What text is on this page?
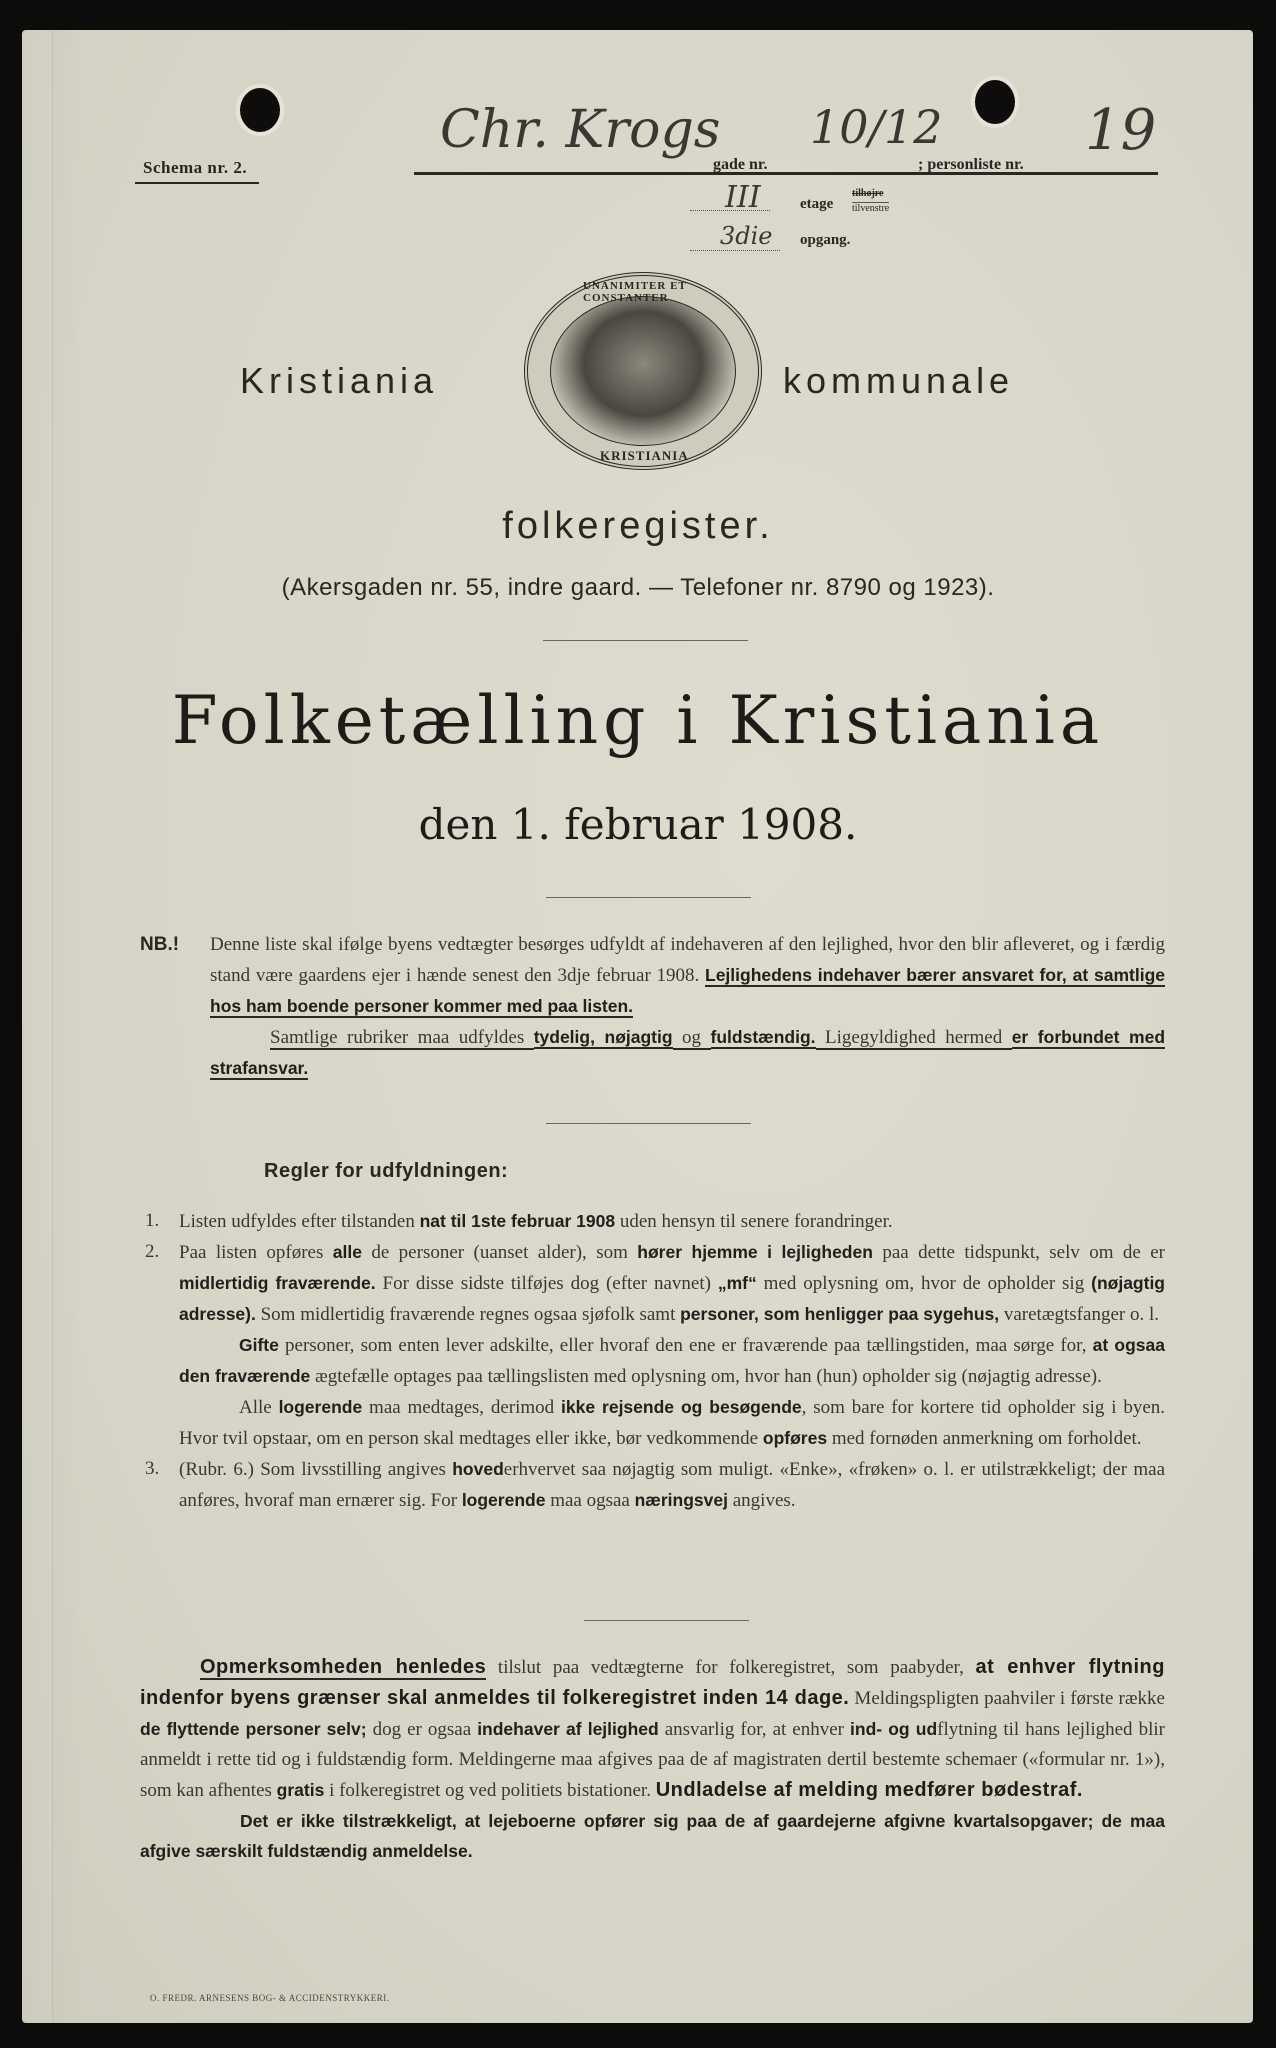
Schema nr. 2.
Chr. Krogs
gade nr.
10/12
; personliste nr.
19
III	etage
tilhøjre
tilvenstre
3die opgang.
Kristiania
UNANIMITER ET CONSTANTER
KRISTIANIA
kommunale
folkeregister.
(Akersgaden nr. 55, indre gaard. — Telefoner nr. 8790 og 1923).
Folketælling i Kristiania
den 1. februar 1908.
NB.! Denne liste skal ifølge byens vedtægter besørges udfyldt af indehaveren af den lejlighed, hvor den blir afleveret, og i færdig stand være gaardens ejer i hænde senest den 3dje februar 1908. Lejlighedens indehaver bærer ansvaret for, at samtlige hos ham boende personer kommer med paa listen.
Samtlige rubriker maa udfyldes tydelig, nøjagtig og fuldstændig. Ligegyldighed hermed er forbundet med strafansvar.
Regler for udfyldningen:
1.	Listen udfyldes efter tilstanden nat til 1ste februar 1908 uden hensyn til senere forandringer.
2.	Paa listen opføres alle de personer (uanset alder), som hører hjemme i lejligheden paa dette tidspunkt, selv om de er midlertidig fraværende. For disse sidste tilføjes dog (efter navnet) „mf“ med oplysning om, hvor de opholder sig (nøjagtig adresse). Som midlertidig fraværende regnes ogsaa sjøfolk samt personer, som henligger paa sygehus, varetægtsfanger o. l.
Gifte personer, som enten lever adskilte, eller hvoraf den ene er fraværende paa tællingstiden, maa sørge for, at ogsaa den fraværende ægtefælle optages paa tællingslisten med oplysning om, hvor han (hun) opholder sig (nøjagtig adresse).
Alle logerende maa medtages, derimod ikke rejsende og besøgende, som bare for kortere tid opholder sig i byen. Hvor tvil opstaar, om en person skal medtages eller ikke, bør vedkommende opføres med fornøden anmerkning om forholdet.
3.	(Rubr. 6.) Som livsstilling angives hovederhvervet saa nøjagtig som muligt. «Enke», «frøken» o. l. er utilstrækkeligt; der maa anføres, hvoraf man ernærer sig. For logerende maa ogsaa næringsvej angives.
Opmerksomheden henledes tilslut paa vedtægterne for folkeregistret, som paabyder, at enhver flytning indenfor byens grænser skal anmeldes til folkeregistret inden 14 dage. Meldingspligten paahviler i første række de flyttende personer selv; dog er ogsaa indehaver af lejlighed ansvarlig for, at enhver ind- og udflytning til hans lejlighed blir anmeldt i rette tid og i fuldstændig form. Meldingerne maa afgives paa de af magistraten dertil bestemte schemaer («formular nr. 1»), som kan afhentes gratis i folkeregistret og ved politiets bistationer. Undladelse af melding medfører bødestraf.
Det er ikke tilstrækkeligt, at lejeboerne opfører sig paa de af gaardejerne afgivne kvartalsopgaver; de maa afgive særskilt fuldstændig anmeldelse.
O. FREDR. ARNESENS BOG- & ACCIDENSTRYKKERI.
